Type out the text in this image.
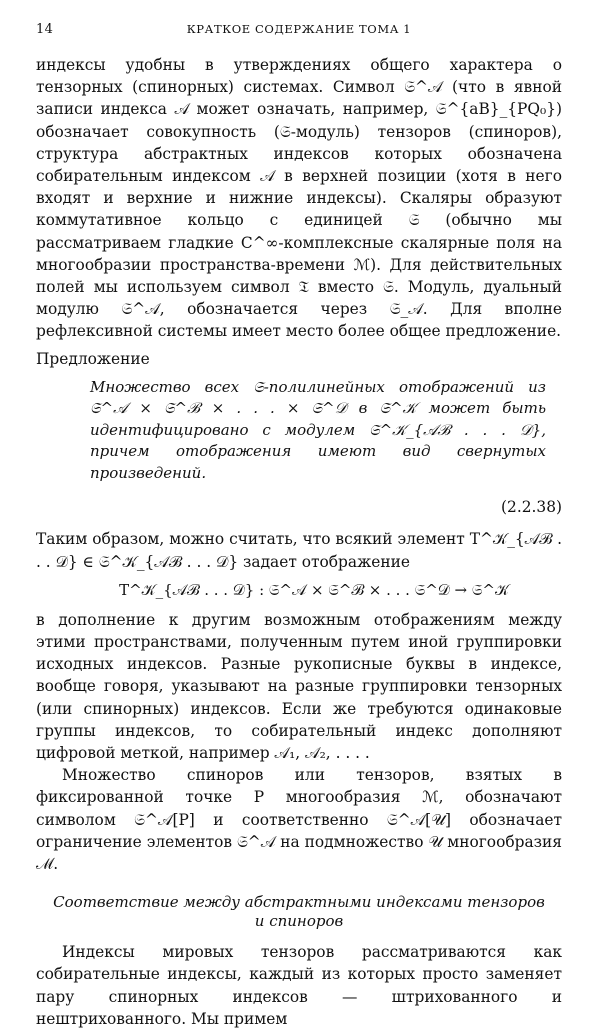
14	КРАТКОЕ СОДЕРЖАНИЕ ТОМА 1

индексы удобны в утверждениях общего характера о тензорных (спинорных) системах. Символ 𝔖^𝒜 (что в явной записи индекса 𝒜 может означать, например, 𝔖^{aB}_{PQ₀}) обозначает совокупность (𝔖-модуль) тензоров (спиноров), структура абстрактных индексов которых обозначена собирательным индексом 𝒜 в верхней позиции (хотя в него входят и верхние и нижние индексы). Скаляры образуют коммутативное кольцо с единицей 𝔖 (обычно мы рассматриваем гладкие C^∞-комплексные скалярные поля на многообразии пространства-времени ℳ). Для действительных полей мы используем символ 𝔗 вместо 𝔖. Модуль, дуальный модулю 𝔖^𝒜, обозначается через 𝔖_𝒜. Для вполне рефлексивной системы имеет место более общее предложение.

Предложение

Множество всех 𝔖-полилинейных отображений из 𝔖^𝒜 × 𝔖^ℬ × . . . × 𝔖^𝒟 в 𝔖^𝒦 может быть идентифицировано с модулем 𝔖^𝒦_{𝒜ℬ . . . 𝒟}, причем отображения имеют вид свернутых произведений.

(2.2.38)

Таким образом, можно считать, что всякий элемент T^𝒦_{𝒜ℬ . . . 𝒟} ∈ 𝔖^𝒦_{𝒜ℬ . . . 𝒟} задает отображение

T^𝒦_{𝒜ℬ . . . 𝒟} : 𝔖^𝒜 × 𝔖^ℬ × . . . 𝔖^𝒟 → 𝔖^𝒦

в дополнение к другим возможным отображениям между этими пространствами, полученным путем иной группировки исходных индексов. Разные рукописные буквы в индексе, вообще говоря, указывают на разные группировки тензорных (или спинорных) индексов. Если же требуются одинаковые группы индексов, то собирательный индекс дополняют цифровой меткой, например 𝒜₁, 𝒜₂, . . . .

Множество спиноров или тензоров, взятых в фиксированной точке P многообразия ℳ, обозначают символом 𝔖^𝒜[P] и соответственно 𝔖^𝒜[𝒰] обозначает ограничение элементов 𝔖^𝒜 на подмножество 𝒰 многообразия ℳ.

Соответствие между абстрактными индексами тензоров
и спиноров

Индексы мировых тензоров рассматриваются как собирательные индексы, каждый из которых просто заменяет пару спинорных индексов — штрихованного и нештрихованного. Мы примем
